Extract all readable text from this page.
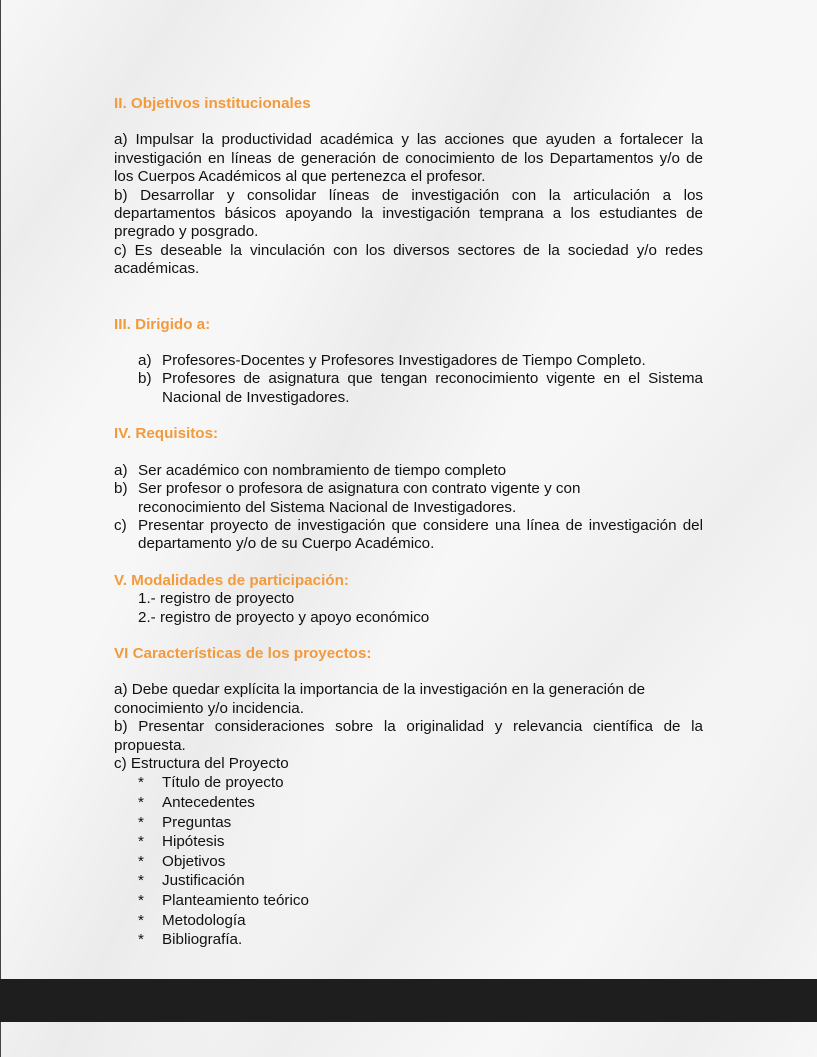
II. Objetivos institucionales

a) Impulsar la productividad académica y las acciones que ayuden a fortalecer la investigación en líneas de generación de conocimiento de los Departamentos y/o de los Cuerpos Académicos al que pertenezca el profesor.

b) Desarrollar y consolidar líneas de investigación con la articulación a los departamentos básicos apoyando la investigación temprana a los estudiantes de pregrado y posgrado.

c) Es deseable la vinculación con los diversos sectores de la sociedad y/o redes académicas.

III. Dirigido a:
a) Profesores-Docentes y Profesores Investigadores de Tiempo Completo.
b) Profesores de asignatura que tengan reconocimiento vigente en el Sistema Nacional de Investigadores.
IV. Requisitos:
a) Ser académico con nombramiento de tiempo completo
b) Ser profesor o profesora de asignatura con contrato vigente y con reconocimiento del Sistema Nacional de Investigadores.
c) Presentar proyecto de investigación que considere una línea de investigación del departamento y/o de su Cuerpo Académico.
V. Modalidades de participación:
1.- registro de proyecto
2.- registro de proyecto y apoyo económico
VI Características de los proyectos:

a) Debe quedar explícita la importancia de la investigación en la generación de conocimiento y/o incidencia.

b) Presentar consideraciones sobre la originalidad y relevancia científica de la propuesta.

c) Estructura del Proyecto

*	Título de proyecto
*	Antecedentes
*	Preguntas
*	Hipótesis
*	Objetivos
*	Justificación
*	Planteamiento teórico
*	Metodología
*	Bibliografía.
